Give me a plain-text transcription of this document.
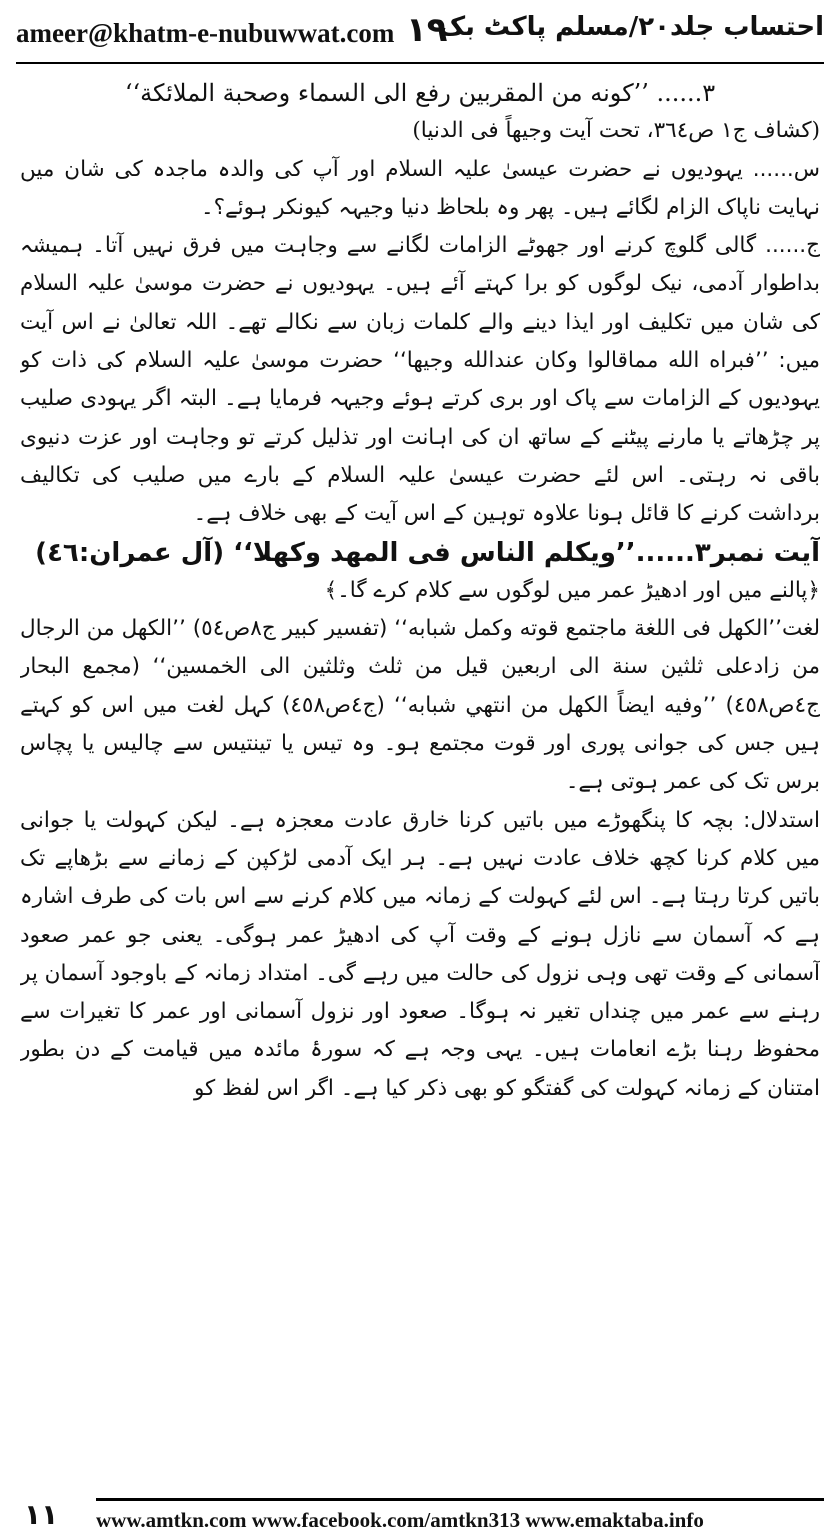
ameer@khatm-e-nubuwwat.com ۱۹
احتساب جلد۲۰/مسلم پاکٹ بک

۳...... ’’كونه من المقربين رفع الى السماء وصحبة الملائكة‘‘

(كشاف ج١ ص٣٦٤، تحت آيت وجيهاً فى الدنيا)

س...... یہودیوں نے حضرت عیسیٰ علیہ السلام اور آپ کی والدہ ماجدہ کی شان میں نہایت ناپاک الزام لگائے ہیں۔ پھر وہ بلحاظ دنیا وجیہہ کیونکر ہوئے؟۔

ج...... گالی گلوچ کرنے اور جھوٹے الزامات لگانے سے وجاہت میں فرق نہیں آتا۔ ہمیشہ بداطوار آدمی، نیک لوگوں کو برا کہتے آئے ہیں۔ یہودیوں نے حضرت موسیٰ علیہ السلام کی شان میں تکلیف اور ایذا دینے والے کلمات زبان سے نکالے تھے۔ اللہ تعالیٰ نے اس آیت میں: ’’فبراه الله مماقالوا وكان عندالله وجيها‘‘ حضرت موسیٰ علیہ السلام کی ذات کو یہودیوں کے الزامات سے پاک اور بری کرتے ہوئے وجیہہ فرمایا ہے۔ البتہ اگر یہودی صلیب پر چڑھاتے یا مارنے پیٹنے کے ساتھ ان کی اہانت اور تذلیل کرتے تو وجاہت اور عزت دنیوی باقی نہ رہتی۔ اس لئے حضرت عیسیٰ علیہ السلام کے بارے میں صلیب کی تکالیف برداشت کرنے کا قائل ہونا علاوہ توہین کے اس آیت کے بھی خلاف ہے۔

آیت نمبر۳......’’ويكلم الناس فى المهد وكهلا‘‘ (آل عمران:٤٦)

﴿پالنے میں اور ادھیڑ عمر میں لوگوں سے کلام کرے گا۔﴾

لغت’’الكهل فى اللغة ماجتمع قوته وكمل شبابه‘‘ (تفسير كبير ج٨ص٥٤) ’’الكهل من الرجال من زادعلى ثلثين سنة الى اربعين قيل من ثلث وثلثين الى الخمسين‘‘ (مجمع البحار ج٤ص٤٥٨) ’’وفيه ايضاً الكهل من انتهي شبابه‘‘ (ج٤ص٤٥٨) کہل لغت میں اس کو کہتے ہیں جس کی جوانی پوری اور قوت مجتمع ہو۔ وہ تیس یا تینتیس سے چالیس یا پچاس برس تک کی عمر ہوتی ہے۔

استدلال: بچہ کا پنگھوڑے میں باتیں کرنا خارق عادت معجزہ ہے۔ لیکن کہولت یا جوانی میں کلام کرنا کچھ خلاف عادت نہیں ہے۔ ہر ایک آدمی لڑکپن کے زمانے سے بڑھاپے تک باتیں کرتا رہتا ہے۔ اس لئے کہولت کے زمانہ میں کلام کرنے سے اس بات کی طرف اشارہ ہے کہ آسمان سے نازل ہونے کے وقت آپ کی ادھیڑ عمر ہوگی۔ یعنی جو عمر صعود آسمانی کے وقت تھی وہی نزول کی حالت میں رہے گی۔ امتداد زمانہ کے باوجود آسمان پر رہنے سے عمر میں چنداں تغیر نہ ہوگا۔ صعود اور نزول آسمانی اور عمر کا تغیرات سے محفوظ رہنا بڑے انعامات ہیں۔ یہی وجہ ہے کہ سورۂ مائدہ میں قیامت کے دن بطور امتنان کے زمانہ کہولت کی گفتگو کو بھی ذکر کیا ہے۔ اگر اس لفظ کو

۱۱ www.amtkn.com www.facebook.com/amtkn313 www.emaktaba.info
